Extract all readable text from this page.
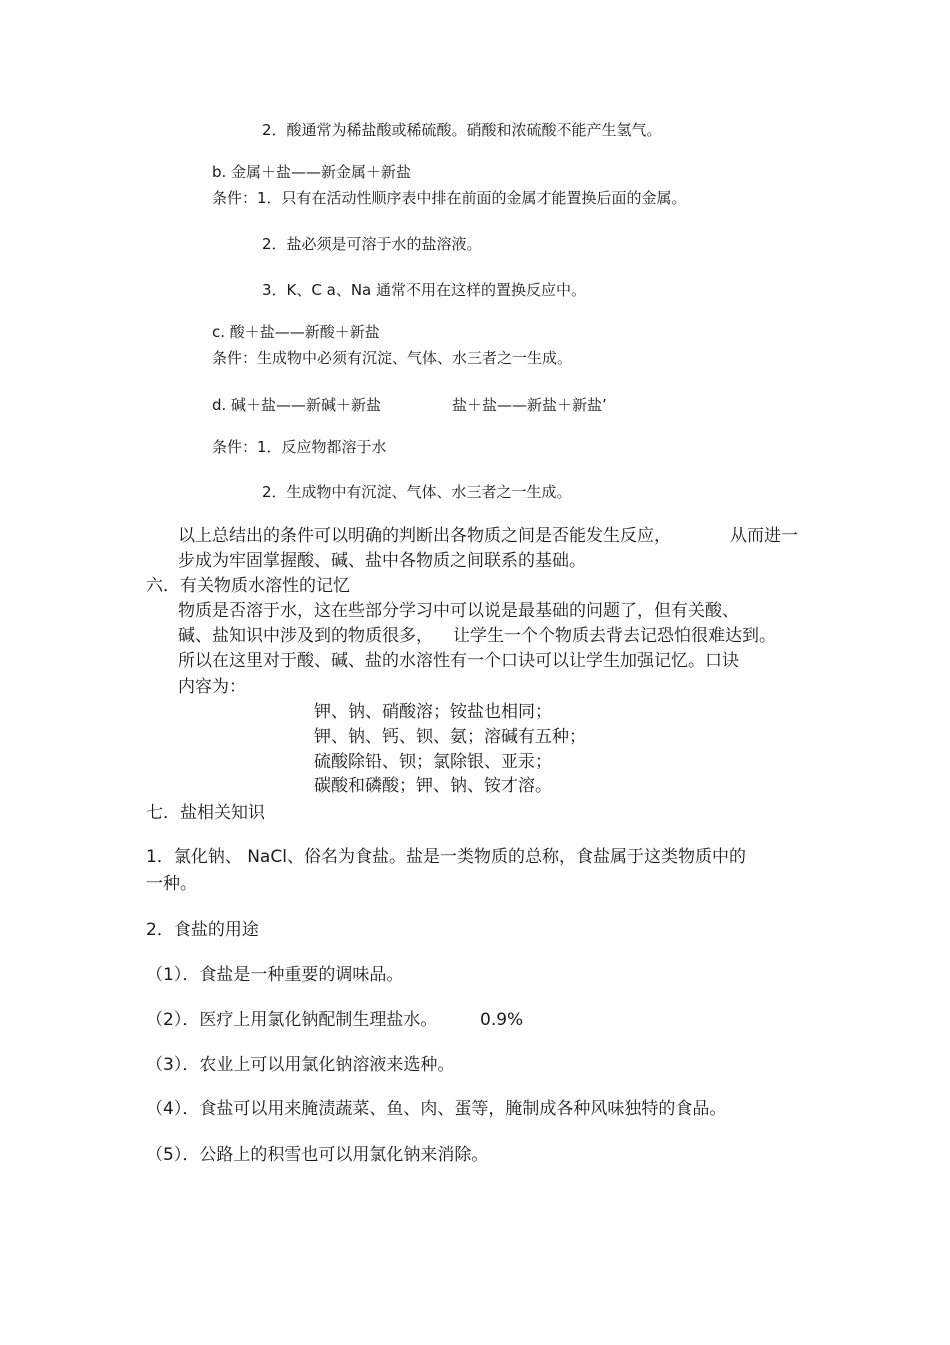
2．酸通常为稀盐酸或稀硫酸。硝酸和浓硫酸不能产生氢气。
b. 金属＋盐——新金属＋新盐
条件：1．只有在活动性顺序表中排在前面的金属才能置换后面的金属。
2．盐必须是可溶于水的盐溶液。
3．K、C a、Na 通常不用在这样的置换反应中。
c. 酸＋盐——新酸＋新盐
条件：生成物中必须有沉淀、气体、水三者之一生成。
d. 碱＋盐——新碱＋新盐	盐＋盐——新盐＋新盐’
条件：1．反应物都溶于水
2．生成物中有沉淀、气体、水三者之一生成。
以上总结出的条件可以明确的判断出各物质之间是否能发生反应，	从而进一
步成为牢固掌握酸、碱、盐中各物质之间联系的基础。
六．有关物质水溶性的记忆
物质是否溶于水，这在些部分学习中可以说是最基础的问题了，但有关酸、
碱、盐知识中涉及到的物质很多， 让学生一个个物质去背去记恐怕很难达到。
所以在这里对于酸、碱、盐的水溶性有一个口诀可以让学生加强记忆。口诀
内容为：
钾、钠、硝酸溶；铵盐也相同；
钾、钠、钙、钡、氨；溶碱有五种；
硫酸除铅、钡；氯除银、亚汞；
碳酸和磷酸；钾、钠、铵才溶。
七．盐相关知识
1．氯化钠、 NaCl、俗名为食盐。盐是一类物质的总称，食盐属于这类物质中的
一种。
2．食盐的用途
（1）．食盐是一种重要的调味品。
（2）．医疗上用氯化钠配制生理盐水。	0.9%
（3）．农业上可以用氯化钠溶液来选种。
（4）．食盐可以用来腌渍蔬菜、鱼、肉、蛋等，腌制成各种风味独特的食品。
（5）．公路上的积雪也可以用氯化钠来消除。
